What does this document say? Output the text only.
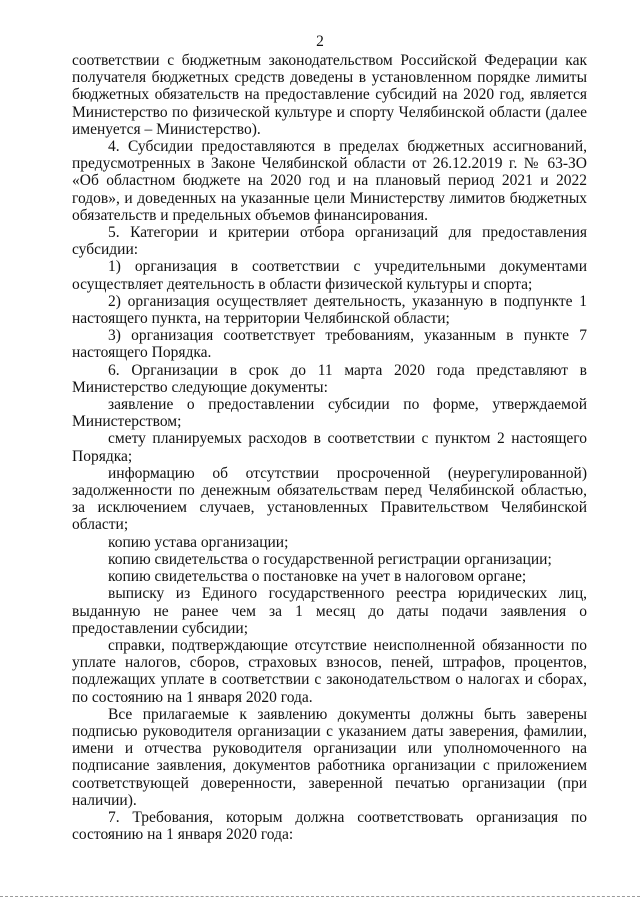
2

соответствии с бюджетным законодательством Российской Федерации как получателя бюджетных средств доведены в установленном порядке лимиты бюджетных обязательств на предоставление субсидий на 2020 год, является Министерство по физической культуре и спорту Челябинской области (далее именуется – Министерство).

4. Субсидии предоставляются в пределах бюджетных ассигнований, предусмотренных в Законе Челябинской области от 26.12.2019 г. № 63-ЗО «Об областном бюджете на 2020 год и на плановый период 2021 и 2022 годов», и доведенных на указанные цели Министерству лимитов бюджетных обязательств и предельных объемов финансирования.

5. Категории и критерии отбора организаций для предоставления субсидии:

1) организация в соответствии с учредительными документами осуществляет деятельность в области физической культуры и спорта;

2) организация осуществляет деятельность, указанную в подпункте 1 настоящего пункта, на территории Челябинской области;

3) организация соответствует требованиям, указанным в пункте 7 настоящего Порядка.

6. Организации в срок до 11 марта 2020 года представляют в Министерство следующие документы:

заявление о предоставлении субсидии по форме, утверждаемой Министерством;

смету планируемых расходов в соответствии с пунктом 2 настоящего Порядка;

информацию об отсутствии просроченной (неурегулированной) задолженности по денежным обязательствам перед Челябинской областью, за исключением случаев, установленных Правительством Челябинской области;

копию устава организации;

копию свидетельства о государственной регистрации организации;

копию свидетельства о постановке на учет в налоговом органе;

выписку из Единого государственного реестра юридических лиц, выданную не ранее чем за 1 месяц до даты подачи заявления о предоставлении субсидии;

справки, подтверждающие отсутствие неисполненной обязанности по уплате налогов, сборов, страховых взносов, пеней, штрафов, процентов, подлежащих уплате в соответствии с законодательством о налогах и сборах, по состоянию на 1 января 2020 года.

Все прилагаемые к заявлению документы должны быть заверены подписью руководителя организации с указанием даты заверения, фамилии, имени и отчества руководителя организации или уполномоченного на подписание заявления, документов работника организации с приложением соответствующей доверенности, заверенной печатью организации (при наличии).

7. Требования, которым должна соответствовать организация по состоянию на 1 января 2020 года:
